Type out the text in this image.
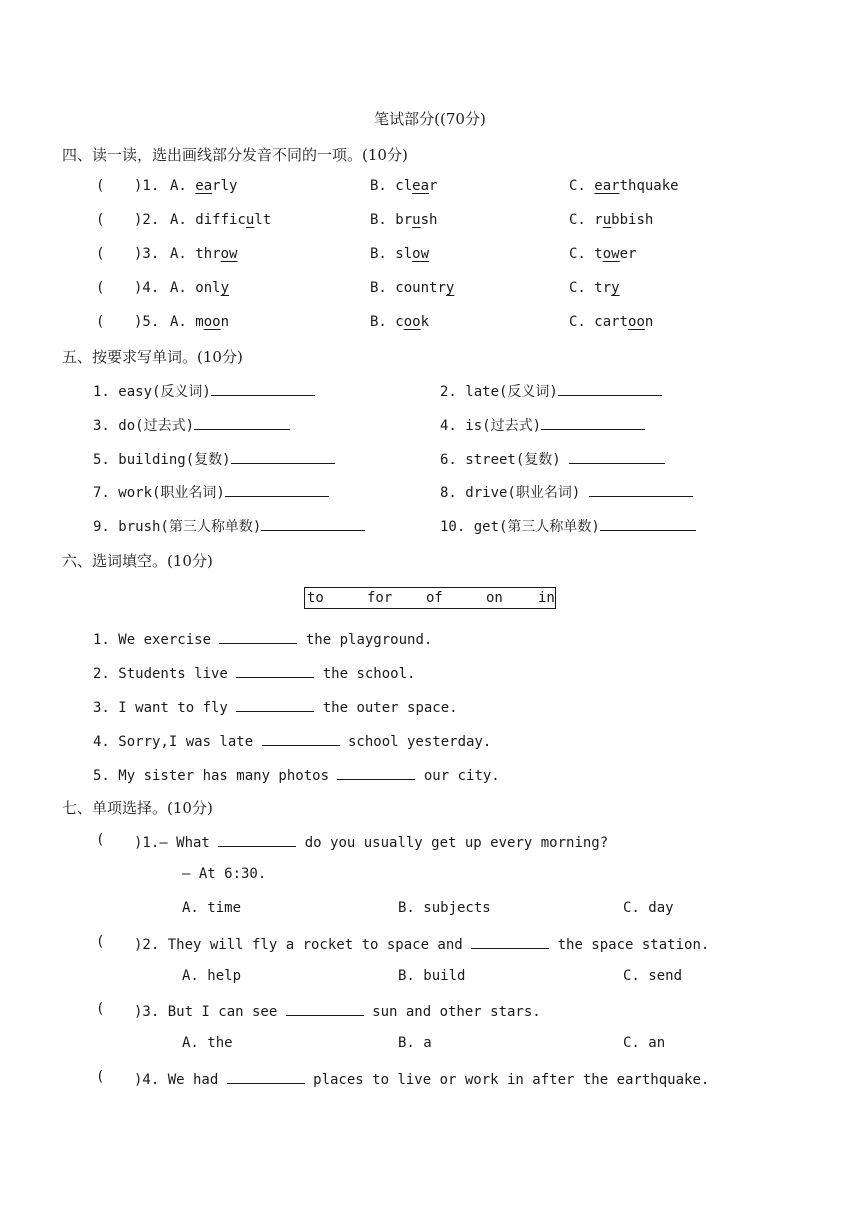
笔试部分((70分)
四、读一读，选出画线部分发音不同的一项。(10分)
( )1. A. early	B. clear	C. earthquake
( )2. A. difficult	B. brush	C. rubbish
( )3. A. throw	B. slow	C. tower
( )4. A. only	B. country	C. try
( )5. A. moon	B. cook	C. cartoon
五、按要求写单词。(10分)
1. easy(反义词)	2. late(反义词)
3. do(过去式)	4. is(过去式)
5. building(复数)	6. street(复数)
7. work(职业名词)	8. drive(职业名词)
9. brush(第三人称单数)	10. get(第三人称单数)
六、选词填空。(10分)
to	for of	on	in
1. We exercise	the playground.
2. Students live	the school.
3. I want to fly	the outer space.
4. Sorry,I was late	school yesterday.
5. My sister has many photos	our city.
七、单项选择。(10分)
( )1.— What	do you usually get up every morning?
— At 6:30.
A. time	B. subjects	C. day
( )2. They will fly a rocket to space and	the space station.
A. help	B. build	C. send
( )3. But I can see	sun and other stars.
A. the	B. a	C. an
( )4. We had	places to live or work in after the earthquake.
